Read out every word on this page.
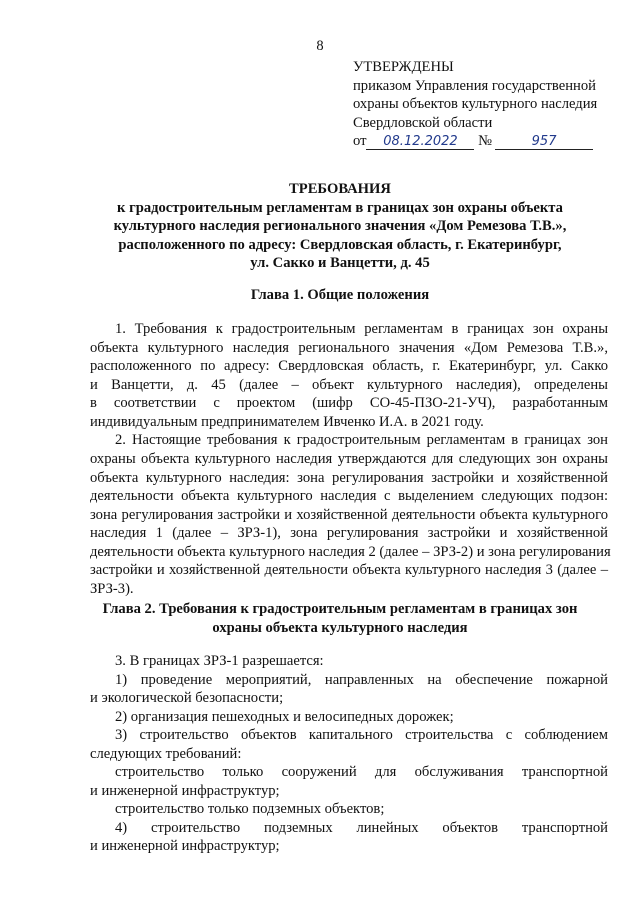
8
УТВЕРЖДЕНЫ
приказом Управления государственной
охраны объектов культурного наследия
Свердловской области
от 08.12.2022 №	957
ТРЕБОВАНИЯ
к градостроительным регламентам в границах зон охраны объекта
культурного наследия регионального значения «Дом Ремезова Т.В.»,
расположенного по адресу: Свердловская область, г. Екатеринбург,
ул. Сакко и Ванцетти, д. 45
Глава 1. Общие положения
1. Требования к градостроительным регламентам в границах зон охраны
объекта культурного наследия регионального значения «Дом Ремезова Т.В.»,
расположенного по адресу: Свердловская область, г. Екатеринбург, ул. Сакко
и Ванцетти, д. 45 (далее – объект культурного наследия), определены
в соответствии с проектом (шифр СО-45-ПЗО-21-УЧ), разработанным
индивидуальным предпринимателем Ивченко И.А. в 2021 году.
2. Настоящие требования к градостроительным регламентам в границах зон
охраны объекта культурного наследия утверждаются для следующих зон охраны
объекта культурного наследия: зона регулирования застройки и хозяйственной
деятельности объекта культурного наследия с выделением следующих подзон:
зона регулирования застройки и хозяйственной деятельности объекта культурного
наследия 1 (далее – ЗРЗ-1), зона регулирования застройки и хозяйственной
деятельности объекта культурного наследия 2 (далее – ЗРЗ-2) и зона регулирования
застройки и хозяйственной деятельности объекта культурного наследия 3 (далее –
ЗРЗ-3).
Глава 2. Требования к градостроительным регламентам в границах зон
охраны объекта культурного наследия
3. В границах ЗРЗ-1 разрешается:
1) проведение мероприятий, направленных на обеспечение пожарной
и экологической безопасности;
2) организация пешеходных и велосипедных дорожек;
3) строительство объектов капитального строительства с соблюдением
следующих требований:
строительство только сооружений для обслуживания транспортной
и инженерной инфраструктур;
строительство только подземных объектов;
4) строительство подземных линейных объектов транспортной
и инженерной инфраструктур;
